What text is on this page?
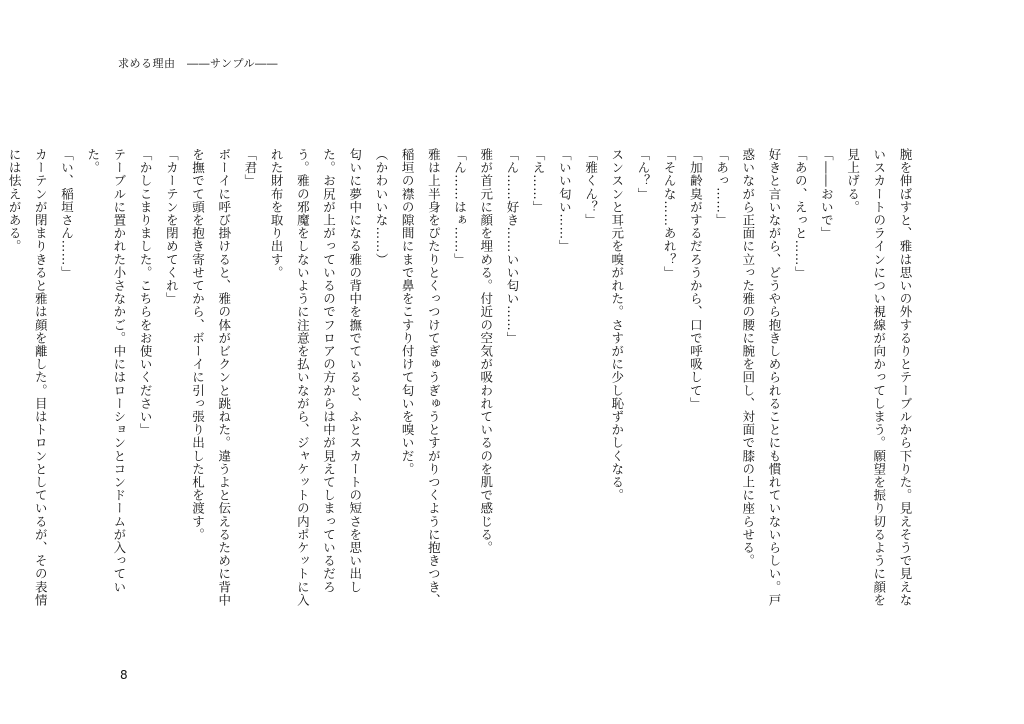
求める理由　――サンプル――

腕を伸ばすと、雅は思いの外するりとテーブルから下りた。見えそうで見えないスカートのラインについ視線が向かってしまう。願望を振り切るように顔を見上げる。

「――おいで」

「あの、えっと……」

好きと言いながら、どうやら抱きしめられることにも慣れていないらしい。戸惑いながら正面に立った雅の腰に腕を回し、対面で膝の上に座らせる。

「あっ……」

「加齢臭がするだろうから、口で呼吸して」

「そんな……あれ？」

「ん？」

スンスンと耳元を嗅がれた。さすがに少し恥ずかしくなる。

「雅くん？」

「いい匂い……」

「え……」

「ん……好き……いい匂い……」

雅が首元に顔を埋める。付近の空気が吸われているのを肌で感じる。

「ん……はぁ……」

雅は上半身をぴたりとくっつけてぎゅうぎゅうとすがりつくように抱きつき、稲垣の襟の隙間にまで鼻をこすり付けて匂いを嗅いだ。

（かわいいな……）

匂いに夢中になる雅の背中を撫でていると、ふとスカートの短さを思い出した。お尻が上がっているのでフロアの方からは中が見えてしまっているだろう。雅の邪魔をしないように注意を払いながら、ジャケットの内ポケットに入れた財布を取り出す。

「君」

ボーイに呼び掛けると、雅の体がビクンと跳ねた。違うよと伝えるために背中を撫でて頭を抱き寄せてから、ボーイに引っ張り出した札を渡す。

「カーテンを閉めてくれ」

「かしこまりました。こちらをお使いください」

テーブルに置かれた小さなかご。中にはローションとコンドームが入っていた。

「い、稲垣さん……」

カーテンが閉まりきると雅は顔を離した。目はトロンとしているが、その表情には怯えがある。

8
